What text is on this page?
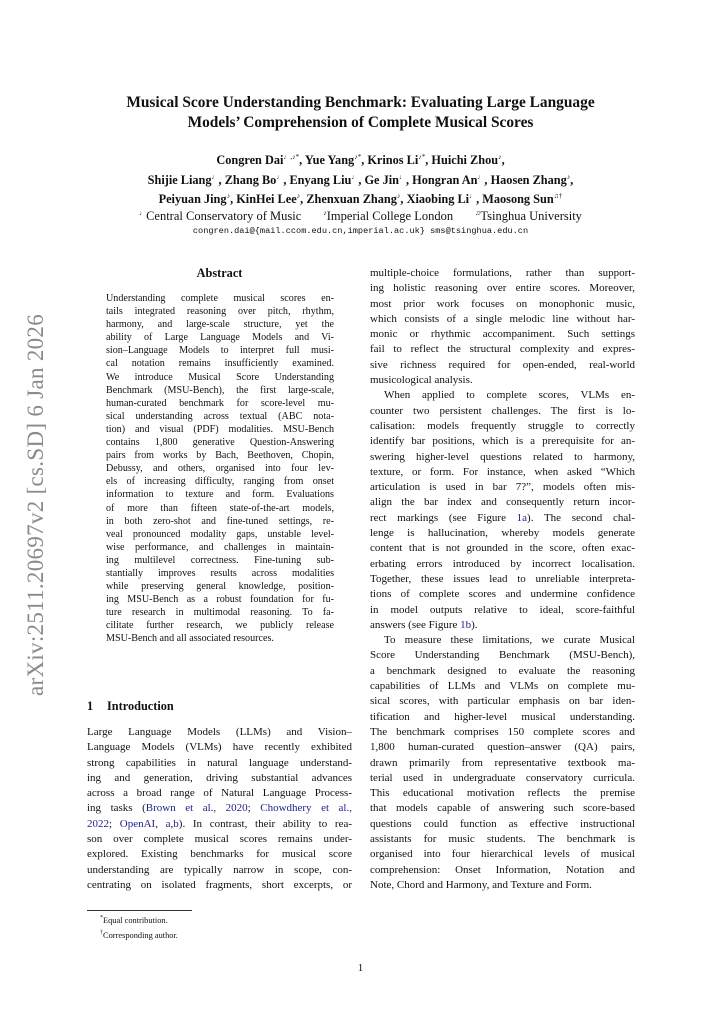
arXiv:2511.20697v2 [cs.SD] 6 Jan 2026
Musical Score Understanding Benchmark: Evaluating Large Language
Models’ Comprehension of Complete Musical Scores
Congren Dai♩,♪*, Yue Yang♪*, Krinos Li♪*, Huichi Zhou♪,
Shijie Liang♩, Zhang Bo♩, Enyang Liu♩, Ge Jin♩, Hongran An♩, Haosen Zhang♪,
Peiyuan Jing♪, KinHei Lee♪, Zhenxuan Zhang♪, Xiaobing Li♩, Maosong Sun♫†
♩Central Conservatory of Music	♪Imperial College London	♫Tsinghua University
congren.dai@{mail.ccom.edu.cn,imperial.ac.uk} sms@tsinghua.edu.cn
Abstract
Understanding complete musical scores en-
tails integrated reasoning over pitch, rhythm,
harmony, and large-scale structure, yet the
ability of Large Language Models and Vi-
sion–Language Models to interpret full musi-
cal notation remains insufficiently examined.
We introduce Musical Score Understanding
Benchmark (MSU-Bench), the first large-scale,
human-curated benchmark for score-level mu-
sical understanding across textual (ABC nota-
tion) and visual (PDF) modalities. MSU-Bench
contains 1,800 generative Question-Answering
pairs from works by Bach, Beethoven, Chopin,
Debussy, and others, organised into four lev-
els of increasing difficulty, ranging from onset
information to texture and form. Evaluations
of more than fifteen state-of-the-art models,
in both zero-shot and fine-tuned settings, re-
veal pronounced modality gaps, unstable level-
wise performance, and challenges in maintain-
ing multilevel correctness. Fine-tuning sub-
stantially improves results across modalities
while preserving general knowledge, position-
ing MSU-Bench as a robust foundation for fu-
ture research in multimodal reasoning. To fa-
cilitate further research, we publicly release
MSU-Bench and all associated resources.
1 Introduction
Large Language Models (LLMs) and Vision–
Language Models (VLMs) have recently exhibited
strong capabilities in natural language understand-
ing and generation, driving substantial advances
across a broad range of Natural Language Process-
ing tasks (Brown et al., 2020; Chowdhery et al.,
2022; OpenAI, a,b). In contrast, their ability to rea-
son over complete musical scores remains under-
explored. Existing benchmarks for musical score
understanding are typically narrow in scope, con-
centrating on isolated fragments, short excerpts, or
*Equal contribution.
†Corresponding author.
multiple-choice formulations, rather than support-
ing holistic reasoning over entire scores. Moreover,
most prior work focuses on monophonic music,
which consists of a single melodic line without har-
monic or rhythmic accompaniment. Such settings
fail to reflect the structural complexity and expres-
sive richness required for open-ended, real-world
musicological analysis.
When applied to complete scores, VLMs en-
counter two persistent challenges. The first is lo-
calisation: models frequently struggle to correctly
identify bar positions, which is a prerequisite for an-
swering higher-level questions related to harmony,
texture, or form. For instance, when asked “Which
articulation is used in bar 7?”, models often mis-
align the bar index and consequently return incor-
rect markings (see Figure 1a). The second chal-
lenge is hallucination, whereby models generate
content that is not grounded in the score, often exac-
erbating errors introduced by incorrect localisation.
Together, these issues lead to unreliable interpreta-
tions of complete scores and undermine confidence
in model outputs relative to ideal, score-faithful
answers (see Figure 1b).
To measure these limitations, we curate Musical
Score Understanding Benchmark (MSU-Bench),
a benchmark designed to evaluate the reasoning
capabilities of LLMs and VLMs on complete mu-
sical scores, with particular emphasis on bar iden-
tification and higher-level musical understanding.
The benchmark comprises 150 complete scores and
1,800 human-curated question–answer (QA) pairs,
drawn primarily from representative textbook ma-
terial used in undergraduate conservatory curricula.
This educational motivation reflects the premise
that models capable of answering such score-based
questions could function as effective instructional
assistants for music students. The benchmark is
organised into four hierarchical levels of musical
comprehension: Onset Information, Notation and
Note, Chord and Harmony, and Texture and Form.
1
